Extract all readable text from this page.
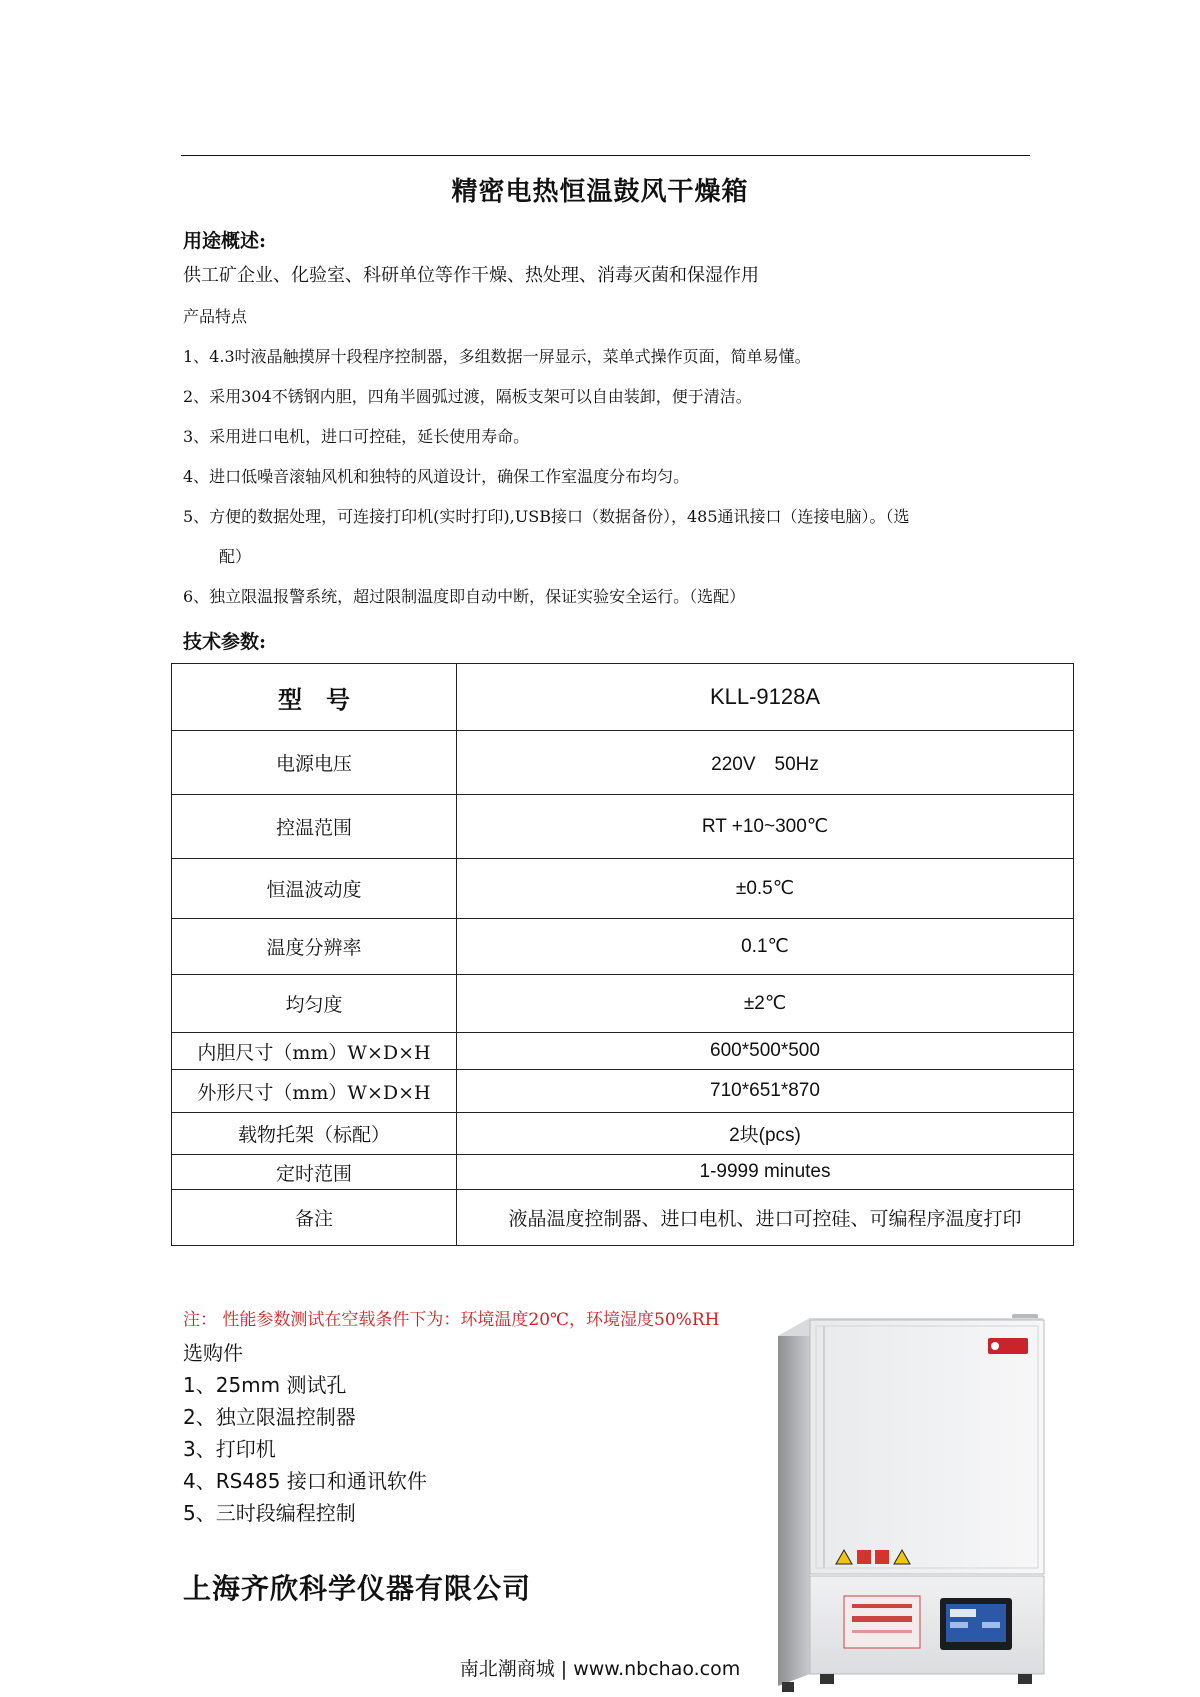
精密电热恒温鼓风干燥箱
用途概述:
供工矿企业、化验室、科研单位等作干燥、热处理、消毒灭菌和保湿作用
产品特点
1、4.3吋液晶触摸屏十段程序控制器，多组数据一屏显示，菜单式操作页面，简单易懂。
2、采用304不锈钢内胆，四角半圆弧过渡，隔板支架可以自由装卸，便于清洁。
3、采用进口电机，进口可控硅，延长使用寿命。
4、进口低噪音滚轴风机和独特的风道设计，确保工作室温度分布均匀。
5、方便的数据处理，可连接打印机(实时打印),USB接口（数据备份），485通讯接口（连接电脑）。（选
配）
6、独立限温报警系统，超过限制温度即自动中断，保证实验安全运行。（选配）
技术参数:
型　号	KLL-9128A
电源电压	220V　50Hz
控温范围	RT +10~300℃
恒温波动度	±0.5℃
温度分辨率	0.1℃
均匀度	±2℃
内胆尺寸（mm）W×D×H	600*500*500
外形尺寸（mm）W×D×H	710*651*870
载物托架（标配）	2块(pcs)
定时范围	1-9999 minutes
备注	液晶温度控制器、进口电机、进口可控硅、可编程序温度打印
注： 性能参数测试在空载条件下为：环境温度20℃，环境湿度50%RH
选购件
1、25mm 测试孔
2、独立限温控制器
3、打印机
4、RS485 接口和通讯软件
5、三时段编程控制
上海齐欣科学仪器有限公司
南北潮商城 | www.nbchao.com
